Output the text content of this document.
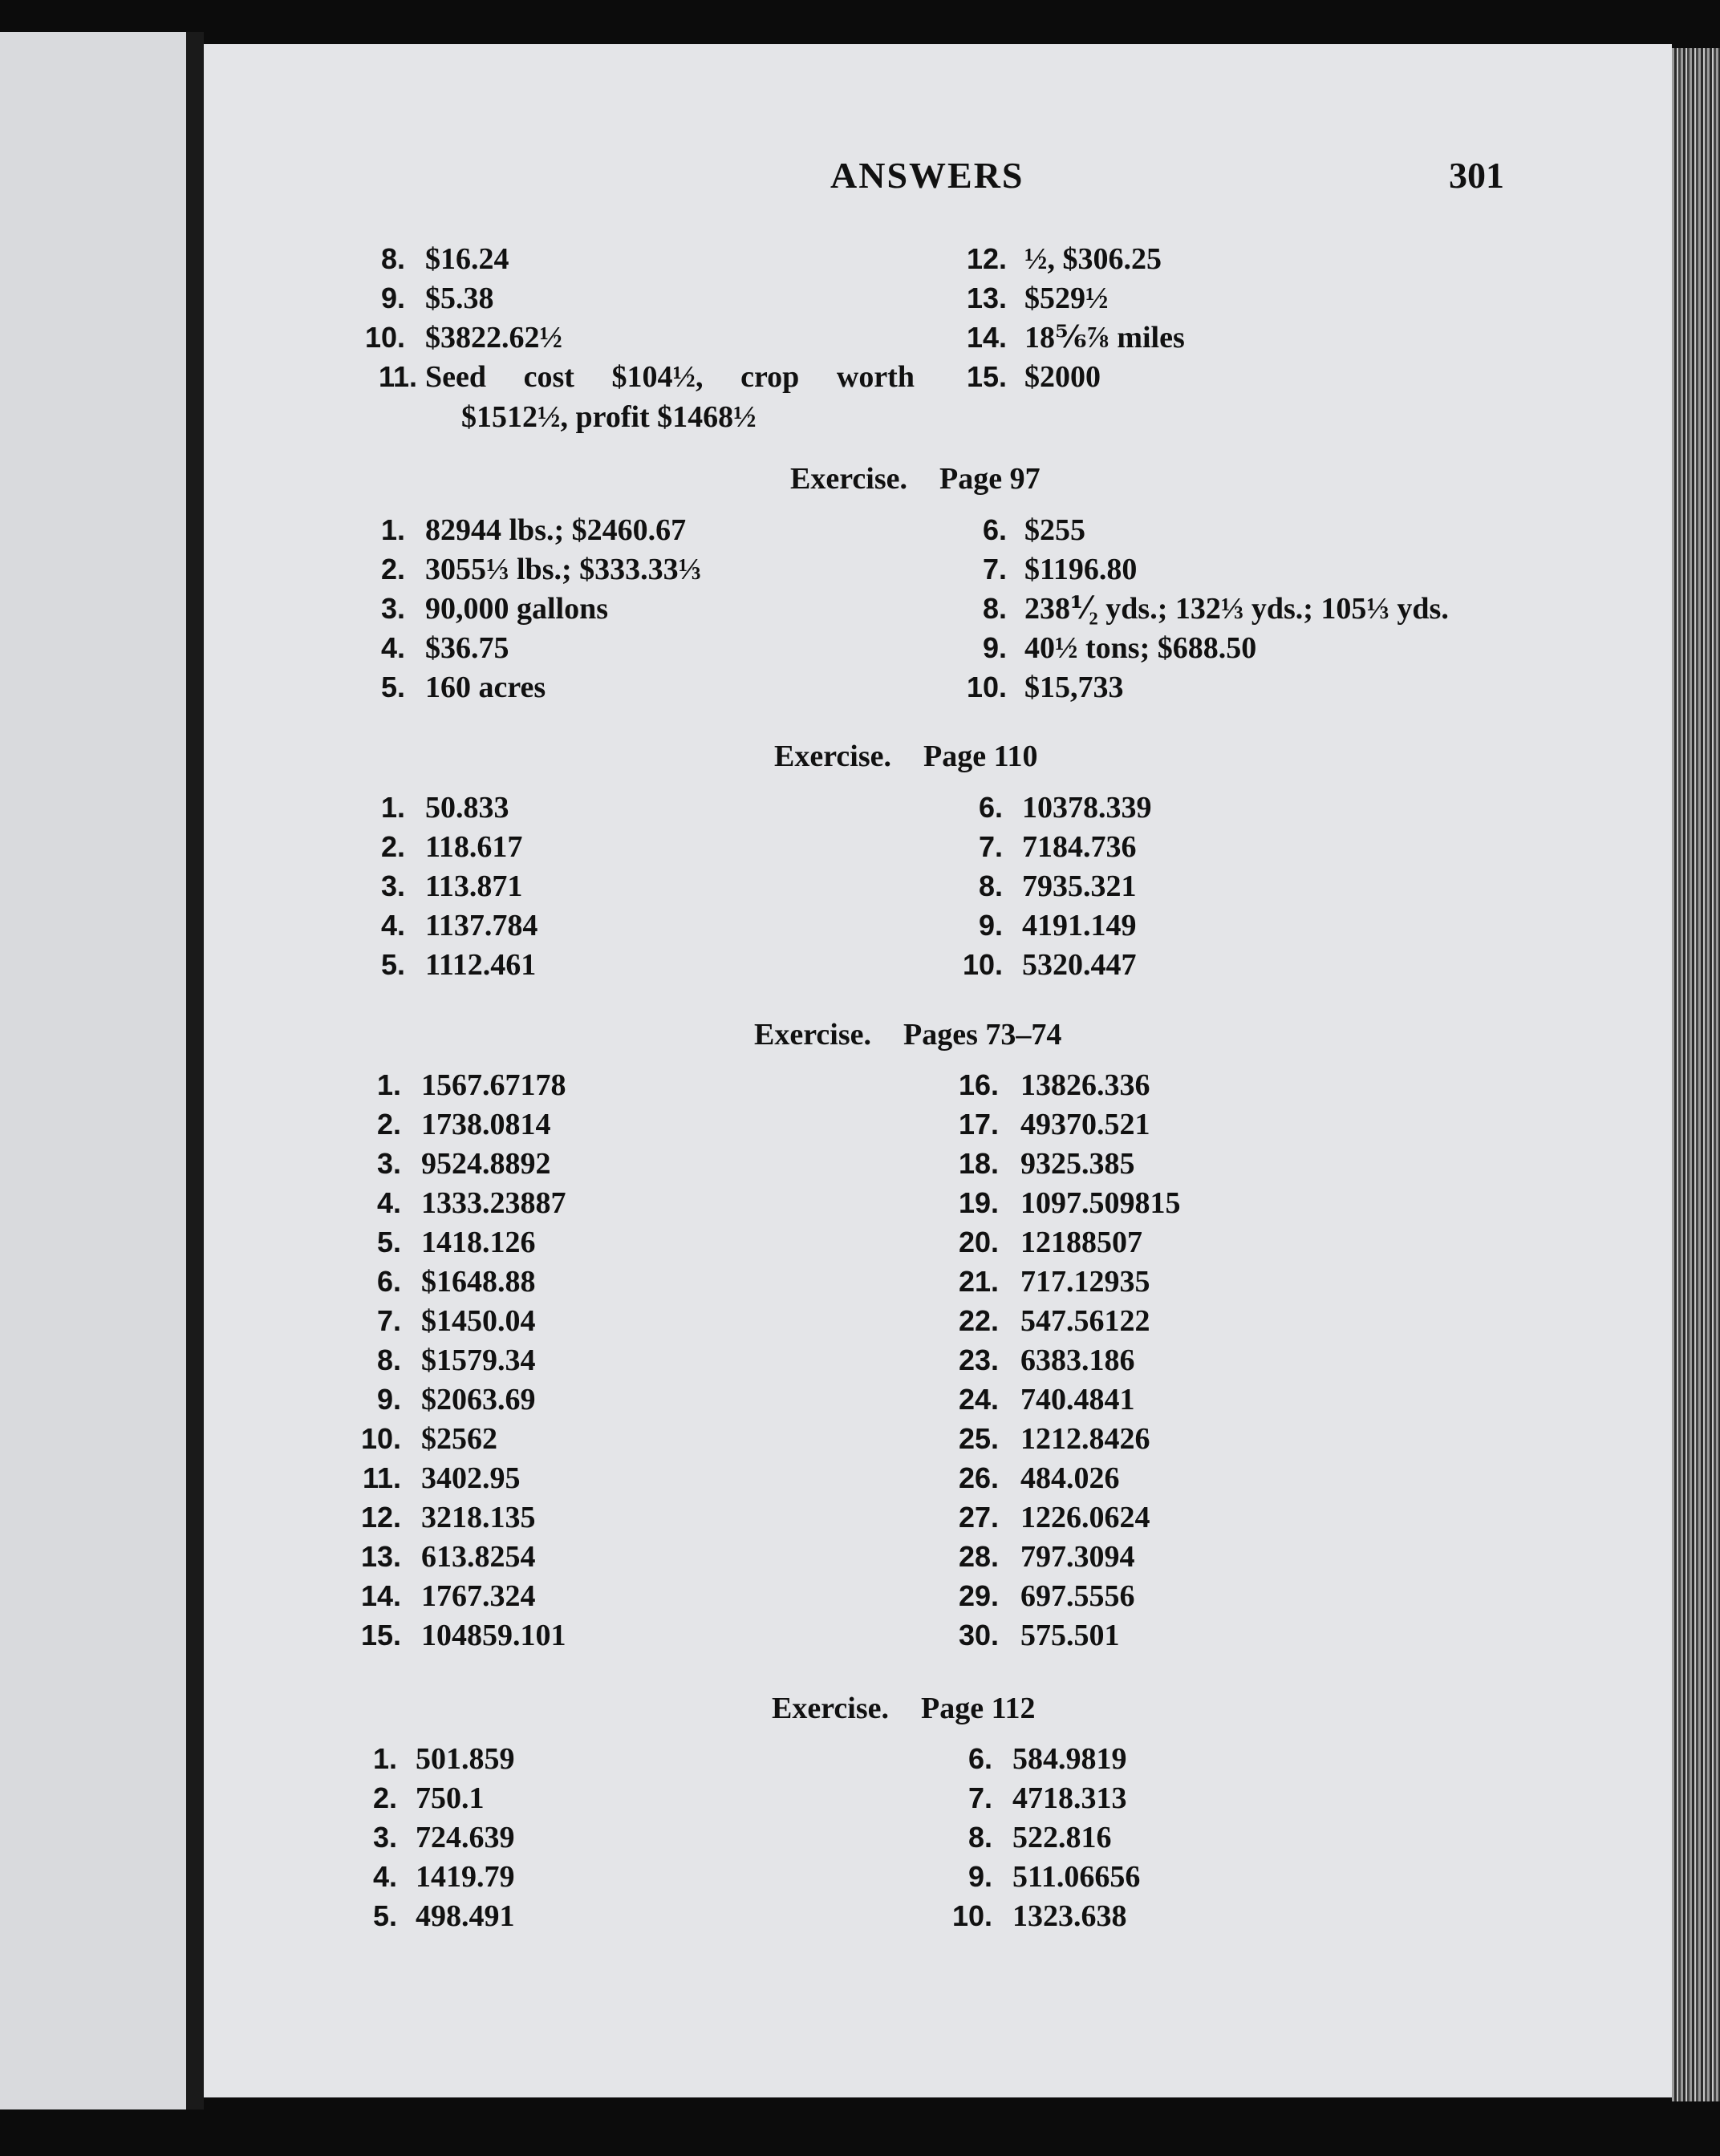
ANSWERS	301
11. Seed cost $104½, crop worth
$1512½, profit $1468½
8. $16.24
9. $5.38
10. $3822.62½
12. ½, $306.25
13. $529½
14. 18⅚⅞ miles
15. $2000
Exercise. Page 97
1. 82944 lbs.; $2460.67
2. 3055⅓ lbs.; $333.33⅓
3. 90,000 gallons
4. $36.75
5. 160 acres
6. $255
7. $1196.80
8. 238⅟₂ yds.; 132⅓ yds.; 105⅓ yds.
9. 40½ tons; $688.50
10. $15,733
Exercise. Page 110
1. 50.833
2. 118.617
3. 113.871
4. 1137.784
5. 1112.461
6. 10378.339
7. 7184.736
8. 7935.321
9. 4191.149
10. 5320.447
Exercise. Pages 73–74
1. 1567.67178
2. 1738.0814
3. 9524.8892
4. 1333.23887
5. 1418.126
6. $1648.88
7. $1450.04
8. $1579.34
9. $2063.69
10. $2562
11. 3402.95
12. 3218.135
13. 613.8254
14. 1767.324
15. 104859.101
16. 13826.336
17. 49370.521
18. 9325.385
19. 1097.509815
20. 12188507
21. 717.12935
22. 547.56122
23. 6383.186
24. 740.4841
25. 1212.8426
26. 484.026
27. 1226.0624
28. 797.3094
29. 697.5556
30. 575.501
Exercise. Page 112
1. 501.859
2. 750.1
3. 724.639
4. 1419.79
5. 498.491
6. 584.9819
7. 4718.313
8. 522.816
9. 511.06656
10. 1323.638
